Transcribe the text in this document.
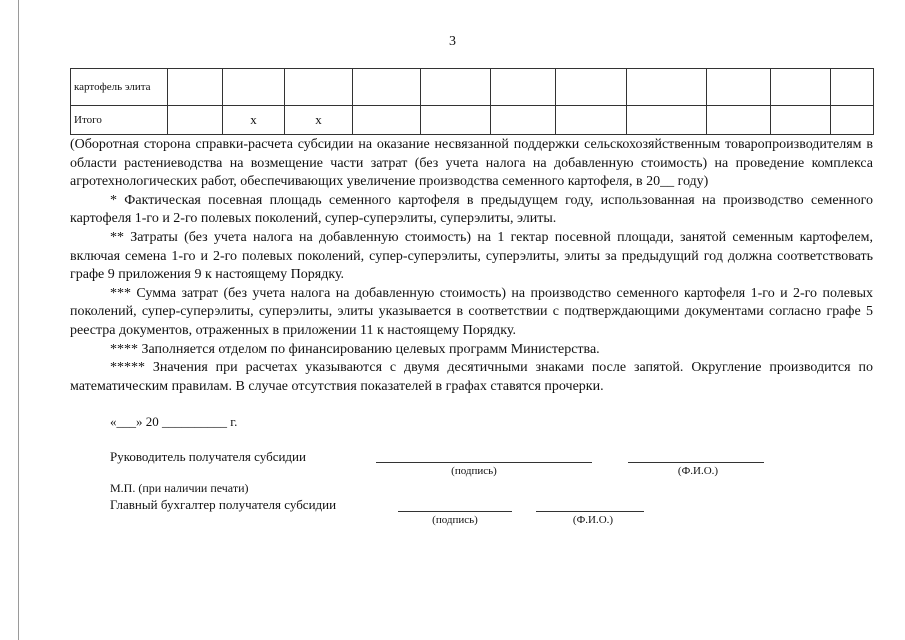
3
картофель элита											
Итого		х	х								

(Оборотная сторона справки-расчета субсидии на оказание несвязанной поддержки сельскохозяйственным товаропроизводителям в области растениеводства на возмещение части затрат (без учета налога на добавленную стоимость) на проведение комплекса агротехнологических работ, обеспечивающих увеличение производства семенного картофеля, в 20__ году)

* Фактическая посевная площадь семенного картофеля в предыдущем году, использованная на производство семенного картофеля 1-го и 2-го полевых поколений, супер-суперэлиты, суперэлиты, элиты.

** Затраты (без учета налога на добавленную стоимость) на 1 гектар посевной площади, занятой семенным картофелем, включая семена 1-го и 2-го полевых поколений, супер-суперэлиты, суперэлиты, элиты за предыдущий год должна соответствовать графе 9 приложения 9 к настоящему Порядку.

*** Сумма затрат (без учета налога на добавленную стоимость) на производство семенного картофеля 1-го и 2-го полевых поколений, супер-суперэлиты, суперэлиты, элиты указывается в соответствии с подтверждающими документами согласно графе 5 реестра документов, отраженных в приложении 11 к настоящему Порядку.

**** Заполняется отделом по финансированию целевых программ Министерства.

***** Значения при расчетах указываются с двумя десятичными знаками после запятой. Округление производится по математическим правилам. В случае отсутствия показателей в графах ставятся прочерки.

«___» 20 __________ г.
Руководитель получателя субсидии
(подпись)	(Ф.И.О.)
М.П. (при наличии печати)
Главный бухгалтер получателя субсидии
(подпись)	(Ф.И.О.)
